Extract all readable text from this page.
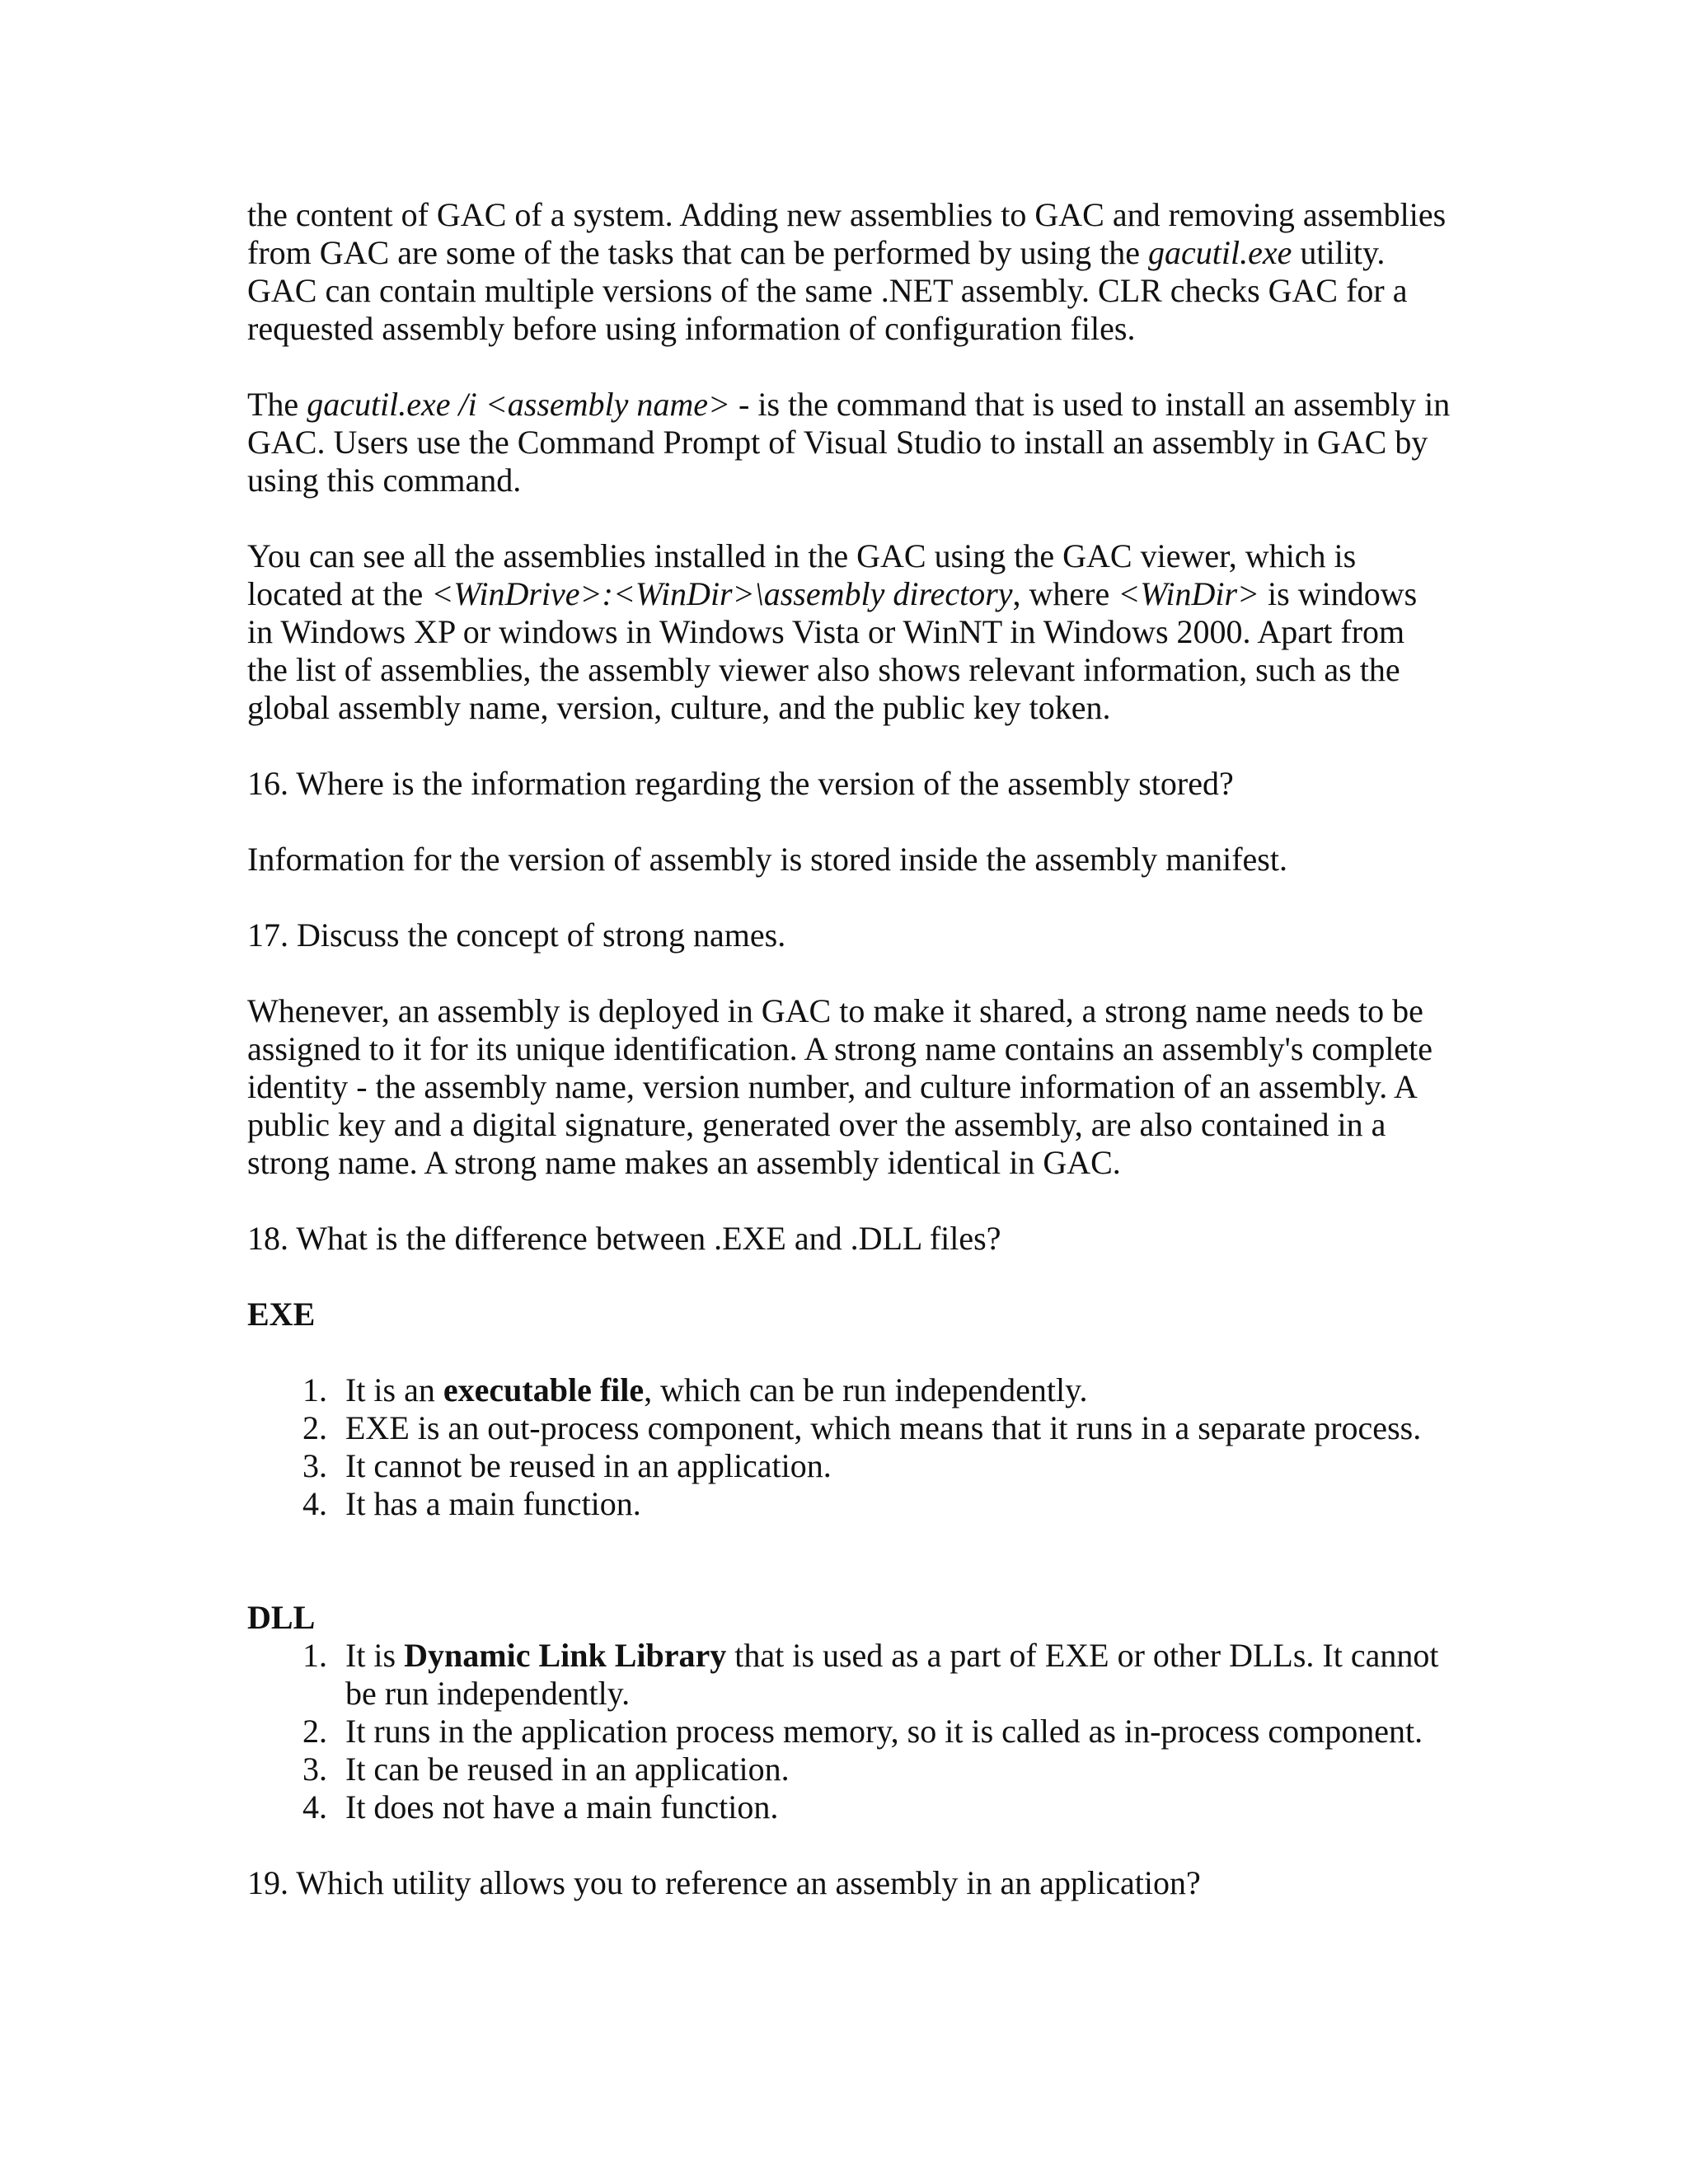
the content of GAC of a system. Adding new assemblies to GAC and removing assemblies from GAC are some of the tasks that can be performed by using the gacutil.exe utility. GAC can contain multiple versions of the same .NET assembly. CLR checks GAC for a requested assembly before using information of configuration files.

The gacutil.exe /i <assembly name> - is the command that is used to install an assembly in GAC. Users use the Command Prompt of Visual Studio to install an assembly in GAC by using this command.

You can see all the assemblies installed in the GAC using the GAC viewer, which is located at the <WinDrive>:<WinDir>\assembly directory, where <WinDir> is windows in Windows XP or windows in Windows Vista or WinNT in Windows 2000. Apart from the list of assemblies, the assembly viewer also shows relevant information, such as the global assembly name, version, culture, and the public key token.

16. Where is the information regarding the version of the assembly stored?

Information for the version of assembly is stored inside the assembly manifest.

17. Discuss the concept of strong names.

Whenever, an assembly is deployed in GAC to make it shared, a strong name needs to be assigned to it for its unique identification. A strong name contains an assembly's complete identity - the assembly name, version number, and culture information of an assembly. A public key and a digital signature, generated over the assembly, are also contained in a strong name. A strong name makes an assembly identical in GAC.

18. What is the difference between .EXE and .DLL files?

EXE
1. It is an executable file, which can be run independently.
2. EXE is an out-process component, which means that it runs in a separate process.
3. It cannot be reused in an application.
4. It has a main function.
DLL
1. It is Dynamic Link Library that is used as a part of EXE or other DLLs. It cannot be run independently.
2. It runs in the application process memory, so it is called as in-process component.
3. It can be reused in an application.
4. It does not have a main function.

19. Which utility allows you to reference an assembly in an application?
